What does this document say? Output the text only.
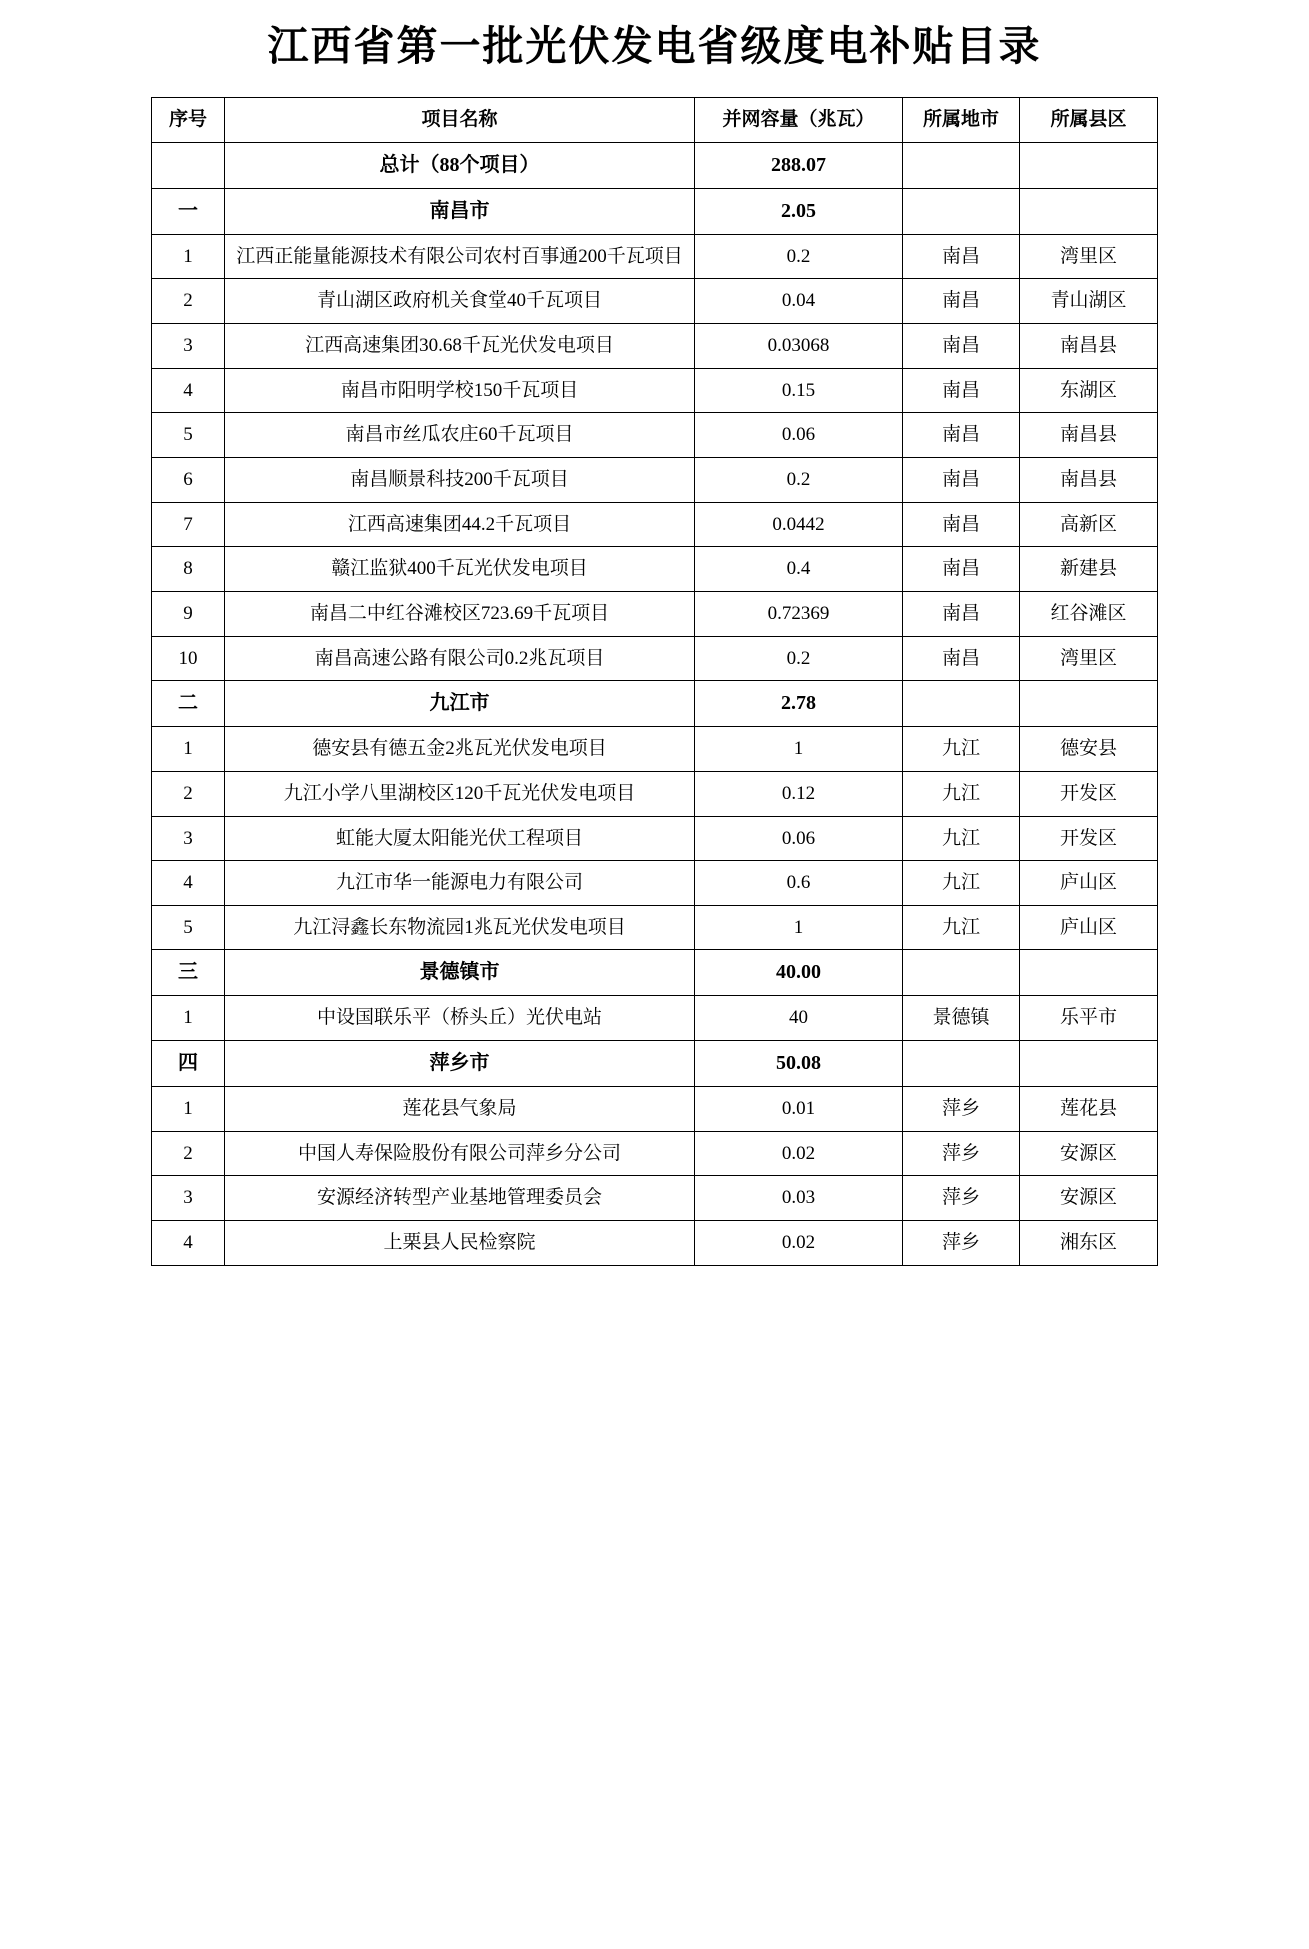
江西省第一批光伏发电省级度电补贴目录
序号	项目名称	并网容量（兆瓦）	所属地市	所属县区
	总计（88个项目）	288.07		
一	南昌市	2.05		
1	江西正能量能源技术有限公司农村百事通200千瓦项目	0.2	南昌	湾里区
2	青山湖区政府机关食堂40千瓦项目	0.04	南昌	青山湖区
3	江西高速集团30.68千瓦光伏发电项目	0.03068	南昌	南昌县
4	南昌市阳明学校150千瓦项目	0.15	南昌	东湖区
5	南昌市丝瓜农庄60千瓦项目	0.06	南昌	南昌县
6	南昌顺景科技200千瓦项目	0.2	南昌	南昌县
7	江西高速集团44.2千瓦项目	0.0442	南昌	高新区
8	赣江监狱400千瓦光伏发电项目	0.4	南昌	新建县
9	南昌二中红谷滩校区723.69千瓦项目	0.72369	南昌	红谷滩区
10	南昌高速公路有限公司0.2兆瓦项目	0.2	南昌	湾里区
二	九江市	2.78		
1	德安县有德五金2兆瓦光伏发电项目	1	九江	德安县
2	九江小学八里湖校区120千瓦光伏发电项目	0.12	九江	开发区
3	虹能大厦太阳能光伏工程项目	0.06	九江	开发区
4	九江市华一能源电力有限公司	0.6	九江	庐山区
5	九江浔鑫长东物流园1兆瓦光伏发电项目	1	九江	庐山区
三	景德镇市	40.00		
1	中设国联乐平（桥头丘）光伏电站	40	景德镇	乐平市
四	萍乡市	50.08		
1	莲花县气象局	0.01	萍乡	莲花县
2	中国人寿保险股份有限公司萍乡分公司	0.02	萍乡	安源区
3	安源经济转型产业基地管理委员会	0.03	萍乡	安源区
4	上栗县人民检察院	0.02	萍乡	湘东区
